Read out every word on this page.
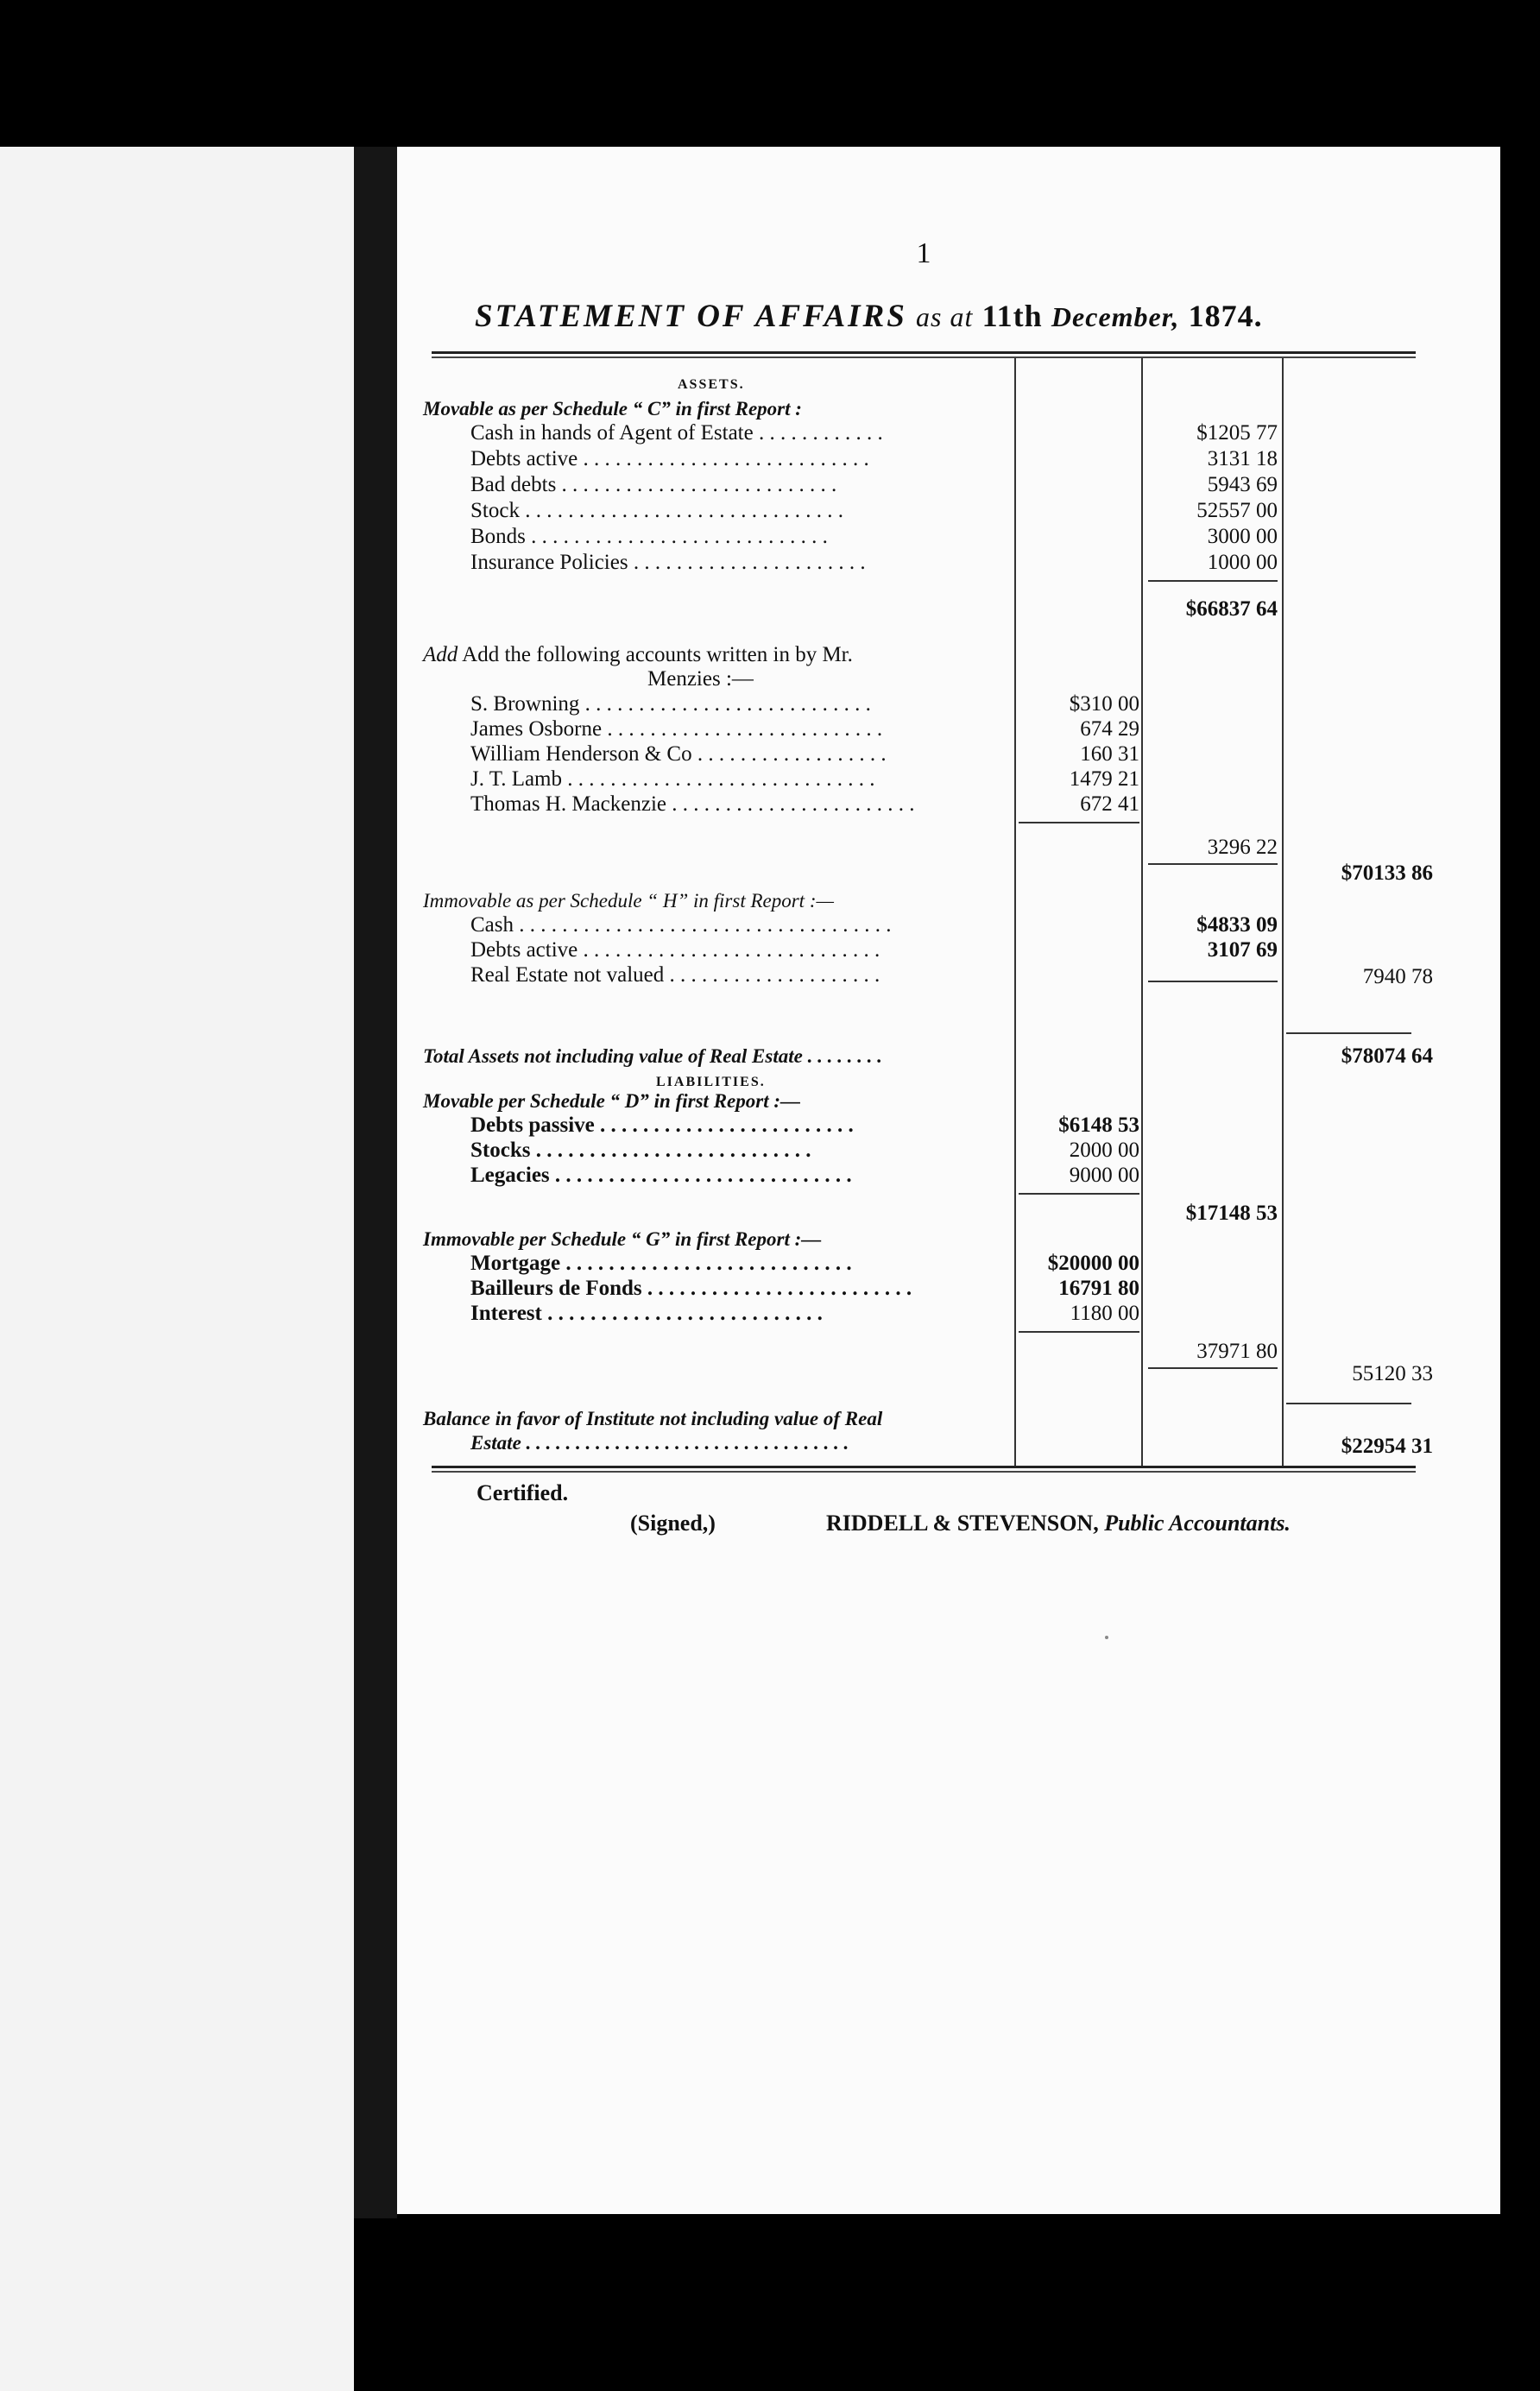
1
STATEMENT OF AFFAIRS as at 11th December, 1874.
ASSETS.
Movable as per Schedule “ C” in first Report :
Cash in hands of Agent of Estate . . . . . . . . . . . .	$1205 77
Debts active . . . . . . . . . . . . . . . . . . . . . . . . . . .	3131 18
Bad debts . . . . . . . . . . . . . . . . . . . . . . . . . .	5943 69
Stock . . . . . . . . . . . . . . . . . . . . . . . . . . . . . .	52557 00
Bonds . . . . . . . . . . . . . . . . . . . . . . . . . . . .	3000 00
Insurance Policies . . . . . . . . . . . . . . . . . . . . . .	1000 00
$66837 64
Add Add the following accounts written in by Mr.
Menzies :—
S. Browning . . . . . . . . . . . . . . . . . . . . . . . . . . .	$310 00
James Osborne . . . . . . . . . . . . . . . . . . . . . . . . . .	674 29
William Henderson & Co . . . . . . . . . . . . . . . . . .	160 31
J. T. Lamb . . . . . . . . . . . . . . . . . . . . . . . . . . . . .	1479 21
Thomas H. Mackenzie . . . . . . . . . . . . . . . . . . . . . . .	672 41
3296 22
$70133 86
Immovable as per Schedule “ H” in first Report :—
Cash . . . . . . . . . . . . . . . . . . . . . . . . . . . . . . . . . . .	$4833 09
Debts active . . . . . . . . . . . . . . . . . . . . . . . . . . . .	3107 69
Real Estate not valued . . . . . . . . . . . . . . . . . . . .	7940 78
Total Assets not including value of Real Estate . . . . . . . .	$78074 64
LIABILITIES.
Movable per Schedule “ D” in first Report :—
Debts passive . . . . . . . . . . . . . . . . . . . . . . . .	$6148 53
Stocks . . . . . . . . . . . . . . . . . . . . . . . . . .	2000 00
Legacies . . . . . . . . . . . . . . . . . . . . . . . . . . . .	9000 00
$17148 53
Immovable per Schedule “ G” in first Report :—
Mortgage . . . . . . . . . . . . . . . . . . . . . . . . . . .	$20000 00
Bailleurs de Fonds . . . . . . . . . . . . . . . . . . . . . . . . .	16791 80
Interest . . . . . . . . . . . . . . . . . . . . . . . . . .	1180 00
37971 80
55120 33
Balance in favor of Institute not including value of Real
Estate . . . . . . . . . . . . . . . . . . . . . . . . . . . . . . . . .	$22954 31
Certified.
(Signed,)	RIDDELL & STEVENSON, Public Accountants.
